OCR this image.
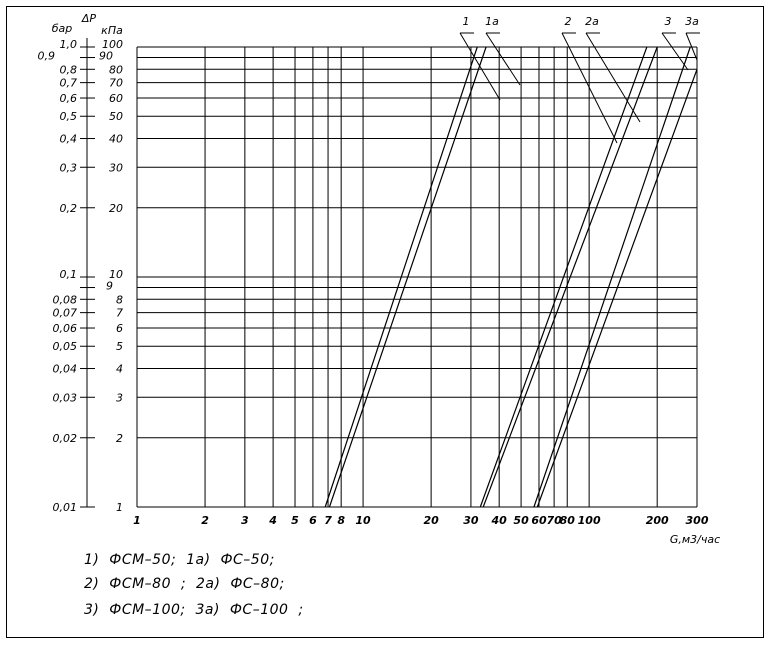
1	2	3 4 5 6 7 8 10	20 30 40 50 60 70
80 100	200 300
1
0,01
2
0,02
3
0,03
4
0,04
5
0,05
6
0,06
7
0,07
8
0,08
9
10
0,1
20
0,2
30
0,3
40
0,4
50
0,5
60
0,6
70
0,7
80
0,8
90
0,9
100
1,0
ΔP
бар	кПа
G,м3/час
1 1а	2 2а	3 3а
1)  ФСМ–50;  1а)  ФС–50;
2)  ФСМ–80  ;  2а)  ФС–80;
3)  ФСМ–100;  3а)  ФС–100  ;
